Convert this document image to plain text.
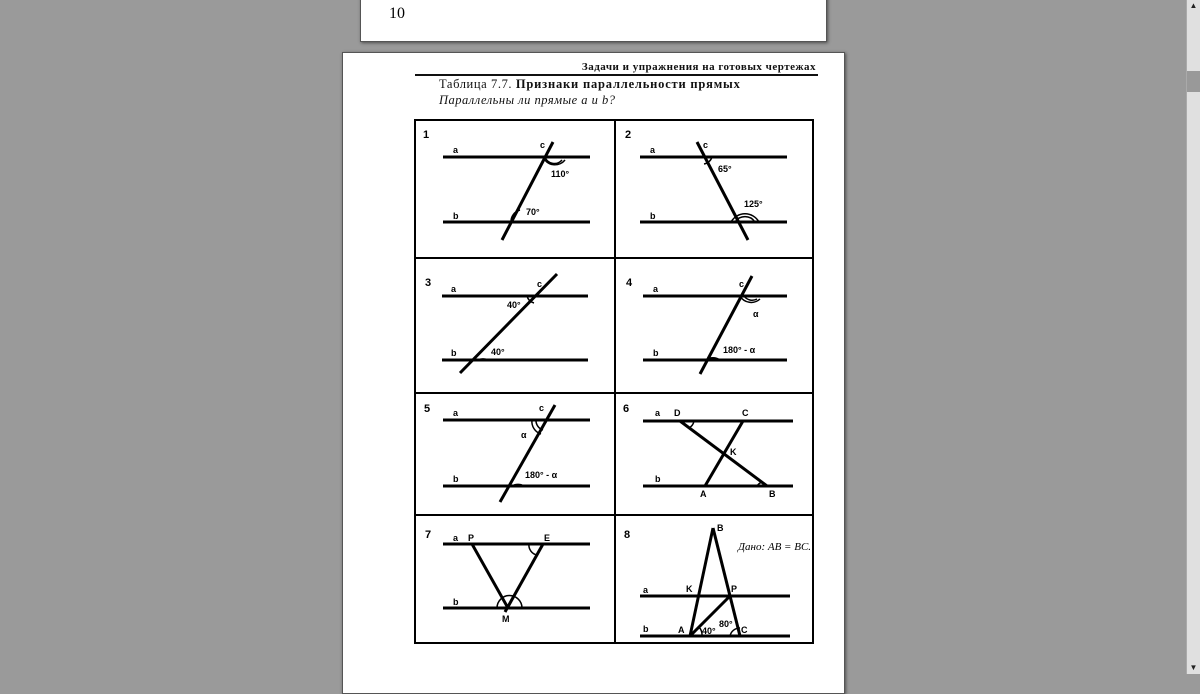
10
Задачи и упражнения на готовых чертежах
Таблица 7.7. Признаки параллельности прямых
Параллельны ли прямые a и b?
1
a
b
c
110°
70°
2
a
b
c
65°
125°
3 a
b
c
40°
40°
4 a
b
c
α
180° - α
5	a
b
c
α
180° - α
6	a
b
D	C
K
A	B
7 a
b
P	E
M
8
a
b
B
K	P
A	C
40°
80°
Дано: AB = BC.
▲
▼
